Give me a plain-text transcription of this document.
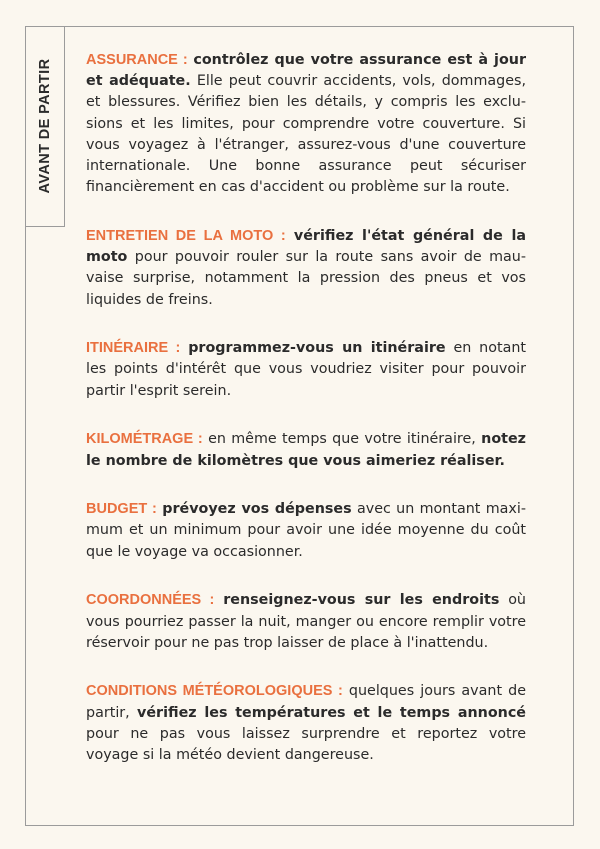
AVANT DE PARTIR ASSURANCE : contrôlez que votre assurance est à jour et adéquate. Elle peut couvrir accidents, vols, dommages, et blessures. Vérifiez bien les détails, y compris les exclusions et les limites, pour comprendre votre couverture. Si vous voyagez à l'étranger, assurez-vous d'une couverture internationale. Une bonne assurance peut sécuriser financièrement en cas d'accident ou problème sur la route.

ENTRETIEN DE LA MOTO : vérifiez l'état général de la moto pour pouvoir rouler sur la route sans avoir de mauvaise surprise, notamment la pression des pneus et vos liquides de freins.

ITINÉRAIRE : programmez-vous un itinéraire en notant les points d'intérêt que vous voudriez visiter pour pouvoir partir l'esprit serein.

KILOMÉTRAGE : en même temps que votre itinéraire, notez le nombre de kilomètres que vous aimeriez réaliser.

BUDGET : prévoyez vos dépenses avec un montant maximum et un minimum pour avoir une idée moyenne du coût que le voyage va occasionner.

COORDONNÉES : renseignez-vous sur les endroits où vous pourriez passer la nuit, manger ou encore remplir votre réservoir pour ne pas trop laisser de place à l'inattendu.

CONDITIONS MÉTÉOROLOGIQUES : quelques jours avant de partir, vérifiez les températures et le temps annoncé pour ne pas vous laissez surprendre et reportez votre voyage si la météo devient dangereuse.
